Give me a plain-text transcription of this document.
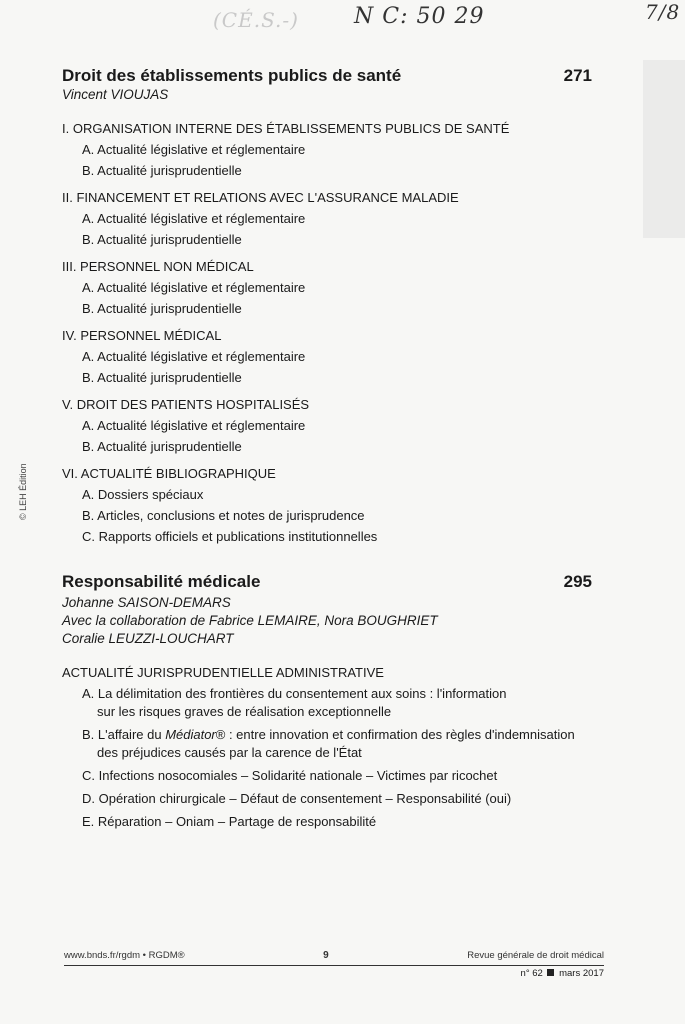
(CÉ.S.-)	N C: 50 29	7/8
© LEH Édition
Droit des établissements publics de santé	271
Vincent VIOUJAS
I. ORGANISATION INTERNE DES ÉTABLISSEMENTS PUBLICS DE SANTÉ
A. Actualité législative et réglementaire
B. Actualité jurisprudentielle
II. FINANCEMENT ET RELATIONS AVEC L'ASSURANCE MALADIE
A. Actualité législative et réglementaire
B. Actualité jurisprudentielle
III. PERSONNEL NON MÉDICAL
A. Actualité législative et réglementaire
B. Actualité jurisprudentielle
IV. PERSONNEL MÉDICAL
A. Actualité législative et réglementaire
B. Actualité jurisprudentielle
V. DROIT DES PATIENTS HOSPITALISÉS
A. Actualité législative et réglementaire
B. Actualité jurisprudentielle
VI. ACTUALITÉ BIBLIOGRAPHIQUE
A. Dossiers spéciaux
B. Articles, conclusions et notes de jurisprudence
C. Rapports officiels et publications institutionnelles
Responsabilité médicale	295
Johanne SAISON-DEMARS
Avec la collaboration de Fabrice LEMAIRE, Nora BOUGHRIET
Coralie LEUZZI-LOUCHART
ACTUALITÉ JURISPRUDENTIELLE ADMINISTRATIVE
A. La délimitation des frontières du consentement aux soins : l'information
sur les risques graves de réalisation exceptionnelle
B. L'affaire du Médiator® : entre innovation et confirmation des règles d'indemnisation
des préjudices causés par la carence de l'État
C. Infections nosocomiales – Solidarité nationale – Victimes par ricochet
D. Opération chirurgicale – Défaut de consentement – Responsabilité (oui)
E. Réparation – Oniam – Partage de responsabilité
www.bnds.fr/rgdm • RGDM®	9	Revue générale de droit médical
n° 62 mars 2017
